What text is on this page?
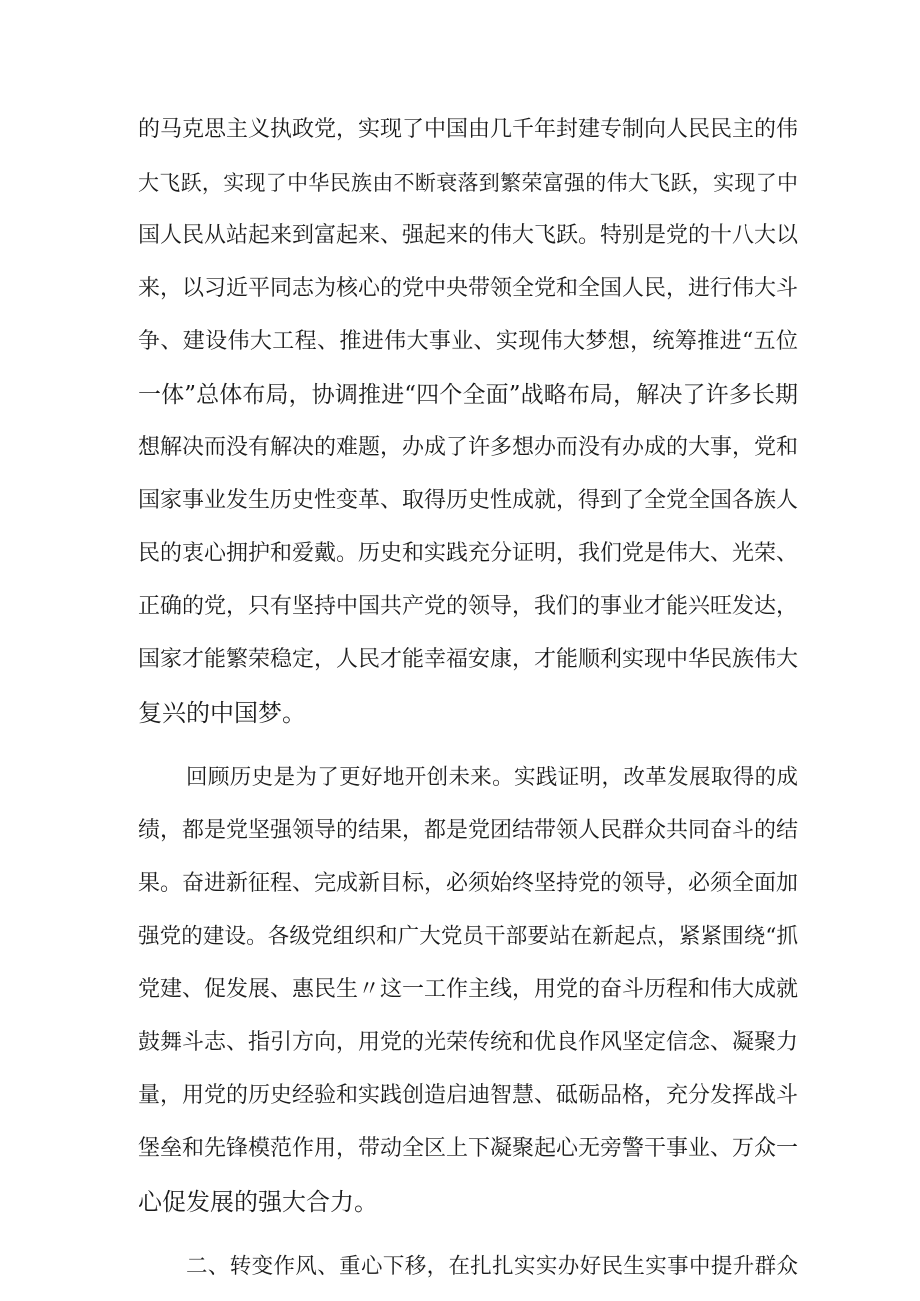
的马克思主义执政党，实现了中国由几千年封建专制向人民民主的伟
大飞跃，实现了中华民族由不断衰落到繁荣富强的伟大飞跃，实现了中
国人民从站起来到富起来、强起来的伟大飞跃。特别是党的十八大以
来，以习近平同志为核心的党中央带领全党和全国人民，进行伟大斗
争、建设伟大工程、推进伟大事业、实现伟大梦想，统筹推进“五位
一体”总体布局，协调推进“四个全面”战略布局，解决了许多长期
想解决而没有解决的难题，办成了许多想办而没有办成的大事，党和
国家事业发生历史性变革、取得历史性成就，得到了全党全国各族人
民的衷心拥护和爱戴。历史和实践充分证明，我们党是伟大、光荣、
正确的党，只有坚持中国共产党的领导，我们的事业才能兴旺发达，
国家才能繁荣稳定，人民才能幸福安康，才能顺利实现中华民族伟大
复兴的中国梦。
回顾历史是为了更好地开创未来。实践证明，改革发展取得的成
绩，都是党坚强领导的结果，都是党团结带领人民群众共同奋斗的结
果。奋进新征程、完成新目标，必须始终坚持党的领导，必须全面加
强党的建设。各级党组织和广大党员干部要站在新起点，紧紧围绕“抓
党建、促发展、惠民生〃这一工作主线，用党的奋斗历程和伟大成就
鼓舞斗志、指引方向，用党的光荣传统和优良作风坚定信念、凝聚力
量，用党的历史经验和实践创造启迪智慧、砥砺品格，充分发挥战斗
堡垒和先锋模范作用，带动全区上下凝聚起心无旁警干事业、万众一
心促发展的强大合力。
二、转变作风、重心下移，在扎扎实实办好民生实事中提升群众
